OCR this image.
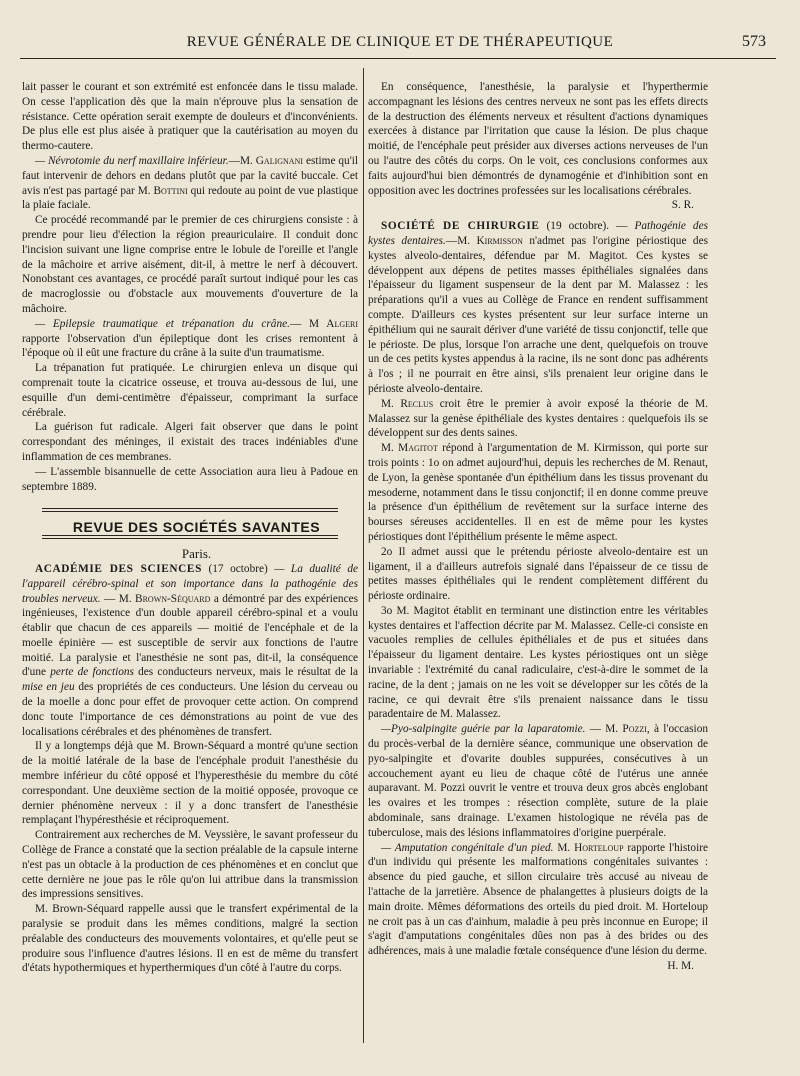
REVUE GÉNÉRALE DE CLINIQUE ET DE THÉRAPEUTIQUE	573

lait passer le courant et son extrémité est enfoncée dans le tissu malade. On cesse l'application dès que la main n'éprouve plus la sensation de résistance. Cette opération serait exempte de douleurs et d'inconvénients. De plus elle est plus aisée à pratiquer que la cautérisation au moyen du thermo-cautere.

— Névrotomie du nerf maxillaire inférieur.—M. Galignani estime qu'il faut intervenir de dehors en dedans plutôt que par la cavité buccale. Cet avis n'est pas partagé par M. Bottini qui redoute au point de vue plastique la plaie faciale.

Ce procédé recommandé par le premier de ces chirurgiens consiste : à prendre pour lieu d'élection la région preauriculaire. Il conduit donc l'incision suivant une ligne comprise entre le lobule de l'oreille et l'angle de la mâchoire et arrive aisément, dit-il, à mettre le nerf à découvert. Nonobstant ces avantages, ce procédé paraît surtout indiqué pour les cas de macroglossie ou d'obstacle aux mouvements d'ouverture de la mâchoire.

— Epilepsie traumatique et trépanation du crâne.— M Algeri rapporte l'observation d'un épileptique dont les crises remontent à l'époque où il eût une fracture du crâne à la suite d'un traumatisme.

La trépanation fut pratiquée. Le chirurgien enleva un disque qui comprenait toute la cicatrice osseuse, et trouva au-dessous de lui, une esquille d'un demi-centimètre d'épaisseur, comprimant la surface cérébrale.

La guérison fut radicale. Algeri fait observer que dans le point correspondant des méninges, il existait des traces indéniables d'une inflammation de ces membranes.

— L'assemble bisannuelle de cette Association aura lieu à Padoue en septembre 1889.

REVUE DES SOCIÉTÉS SAVANTES

Paris.

ACADÉMIE DES SCIENCES (17 octobre) — La dualité de l'appareil cérébro-spinal et son importance dans la pathogénie des troubles nerveux. — M. Brown-Séquard a démontré par des expériences ingénieuses, l'existence d'un double appareil cérébro-spinal et a voulu établir que chacun de ces appareils — moitié de l'encéphale et de la moelle épinière — est susceptible de servir aux fonctions de l'autre moitié. La paralysie et l'anesthésie ne sont pas, dit-il, la conséquence d'une perte de fonctions des conducteurs nerveux, mais le résultat de la mise en jeu des propriétés de ces conducteurs. Une lésion du cerveau ou de la moelle a donc pour effet de provoquer cette action. On comprend donc toute l'importance de ces démonstrations au point de vue des localisations cérébrales et des phénomènes de transfert.

Il y a longtemps déjà que M. Brown-Séquard a montré qu'une section de la moitié latérale de la base de l'encéphale produit l'anesthésie du membre inférieur du côté opposé et l'hyperesthésie du membre du côté correspondant. Une deuxième section de la moitié opposée, provoque ce dernier phénomène nerveux : il y a donc transfert de l'anesthésie remplaçant l'hypéresthésie et réciproquement.

Contrairement aux recherches de M. Veyssière, le savant professeur du Collège de France a constaté que la section préalable de la capsule interne n'est pas un obtacle à la production de ces phénomènes et en conclut que cette dernière ne joue pas le rôle qu'on lui attribue dans la transmission des impressions sensitives.

M. Brown-Séquard rappelle aussi que le transfert expérimental de la paralysie se produit dans les mêmes conditions, malgré la section préalable des conducteurs des mouvements volontaires, et qu'elle peut se produire sous l'influence d'autres lésions. Il en est de même du transfert d'états hypothermiques et hyperthermiques d'un côté à l'autre du corps.

En conséquence, l'anesthésie, la paralysie et l'hyperthermie accompagnant les lésions des centres nerveux ne sont pas les effets directs de la destruction des éléments nerveux et résultent d'actions dynamiques exercées à distance par l'irritation que cause la lésion. De plus chaque moitié, de l'encéphale peut présider aux diverses actions nerveuses de l'un ou l'autre des côtés du corps. On le voit, ces conclusions conformes aux faits aujourd'hui bien démontrés de dynamogénie et d'inhibition sont en opposition avec les doctrines professées sur les localisations cérébrales.

S. R.

SOCIÉTÉ DE CHIRURGIE (19 octobre). — Pathogénie des kystes dentaires.—M. Kirmisson n'admet pas l'origine périostique des kystes alveolo-dentaires, défendue par M. Magitot. Ces kystes se développent aux dépens de petites masses épithéliales signalées dans l'épaisseur du ligament suspenseur de la dent par M. Malassez : les préparations qu'il a vues au Collège de France en rendent suffisamment compte. D'ailleurs ces kystes présentent sur leur surface interne un épithélium qui ne saurait dériver d'une variété de tissu conjonctif, telle que le périoste. De plus, lorsque l'on arrache une dent, quelquefois on trouve un de ces petits kystes appendus à la racine, ils ne sont donc pas adhérents à l'os ; il ne pourrait en être ainsi, s'ils prenaient leur origine dans le périoste alveolo-dentaire.

M. Reclus croit être le premier à avoir exposé la théorie de M. Malassez sur la genèse épithéliale des kystes dentaires : quelquefois ils se développent sur des dents saines.

M. Magitot répond à l'argumentation de M. Kirmisson, qui porte sur trois points : 1o on admet aujourd'hui, depuis les recherches de M. Renaut, de Lyon, la genèse spontanée d'un épithélium dans les tissus provenant du mesoderne, notamment dans le tissu conjonctif; il en donne comme preuve la présence d'un épithélium de revêtement sur la surface interne des bourses séreuses accidentelles. Il en est de même pour les kystes périostiques dont l'épithélium présente le même aspect.

2o Il admet aussi que le prétendu périoste alveolo-dentaire est un ligament, il a d'ailleurs autrefois signalé dans l'épaisseur de ce tissu de petites masses épithéliales qui le rendent complètement différent du périoste ordinaire.

3o M. Magitot établit en terminant une distinction entre les véritables kystes dentaires et l'affection décrite par M. Malassez. Celle-ci consiste en vacuoles remplies de cellules épithéliales et de pus et situées dans l'épaisseur du ligament dentaire. Les kystes périostiques ont un siège invariable : l'extrémité du canal radiculaire, c'est-à-dire le sommet de la racine, de la dent ; jamais on ne les voit se développer sur les côtés de la racine, ce qui devrait être s'ils prenaient naissance dans le tissu paradentaire de M. Malassez.

—Pyo-salpingite guérie par la laparatomie. — M. Pozzi, à l'occasion du procès-verbal de la dernière séance, communique une observation de pyo-salpingite et d'ovarite doubles suppurées, consécutives à un accouchement ayant eu lieu de chaque côté de l'utérus une année auparavant. M. Pozzi ouvrit le ventre et trouva deux gros abcès englobant les ovaires et les trompes : résection complète, suture de la plaie abdominale, sans drainage. L'examen histologique ne révéla pas de tuberculose, mais des lésions inflammatoires d'origine puerpérale.

— Amputation congénitale d'un pied. M. Horteloup rapporte l'histoire d'un individu qui présente les malformations congénitales suivantes : absence du pied gauche, et sillon circulaire très accusé au niveau de l'attache de la jarretière. Absence de phalangettes à plusieurs doigts de la main droite. Mêmes déformations des orteils du pied droit. M. Horteloup ne croit pas à un cas d'ainhum, maladie à peu près inconnue en Europe; il s'agit d'amputations congénitales dûes non pas à des brides ou des adhérences, mais à une maladie fœtale conséquence d'une lésion du derme.

H. M.
